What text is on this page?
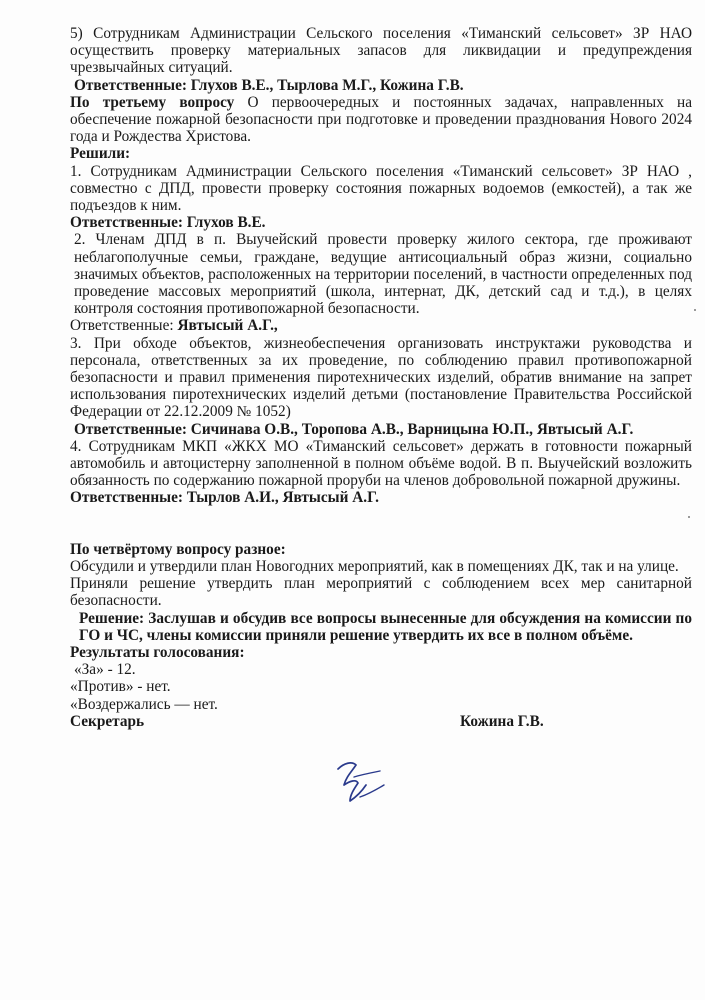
5) Сотрудникам Администрации Сельского поселения «Тиманский сельсовет» ЗР НАО осуществить проверку материальных запасов для ликвидации и предупреждения чрезвычайных ситуаций.

Ответственные: Глухов В.Е., Тырлова М.Г., Кожина Г.В.

По третьему вопросу О первоочередных и постоянных задачах, направленных на обеспечение пожарной безопасности при подготовке и проведении празднования Нового 2024 года и Рождества Христова.

Решили:

1. Сотрудникам Администрации Сельского поселения «Тиманский сельсовет» ЗР НАО , совместно с ДПД, провести проверку состояния пожарных водоемов (емкостей), а так же подъездов к ним.

Ответственные: Глухов В.Е.

2. Членам ДПД в п. Выучейский провести проверку жилого сектора, где проживают неблагополучные семьи, граждане, ведущие антисоциальный образ жизни, социально значимых объектов, расположенных на территории поселений, в частности определенных под проведение массовых мероприятий (школа, интернат, ДК, детский сад и т.д.), в целях контроля состояния противопожарной безопасности.

Ответственные: Явтысый А.Г.,

3. При обходе объектов, жизнеобеспечения организовать инструктажи руководства и персонала, ответственных за их проведение, по соблюдению правил противопожарной безопасности и правил применения пиротехнических изделий, обратив внимание на запрет использования пиротехнических изделий детьми (постановление Правительства Российской Федерации от 22.12.2009 № 1052)

Ответственные: Сичинава О.В., Торопова А.В., Варницына Ю.П., Явтысый А.Г.

4. Сотрудникам МКП «ЖКХ МО «Тиманский сельсовет» держать в готовности пожарный автомобиль и автоцистерну заполненной в полном объёме водой. В п. Выучейский возложить обязанность по содержанию пожарной проруби на членов добровольной пожарной дружины.

Ответственные: Тырлов А.И., Явтысый А.Г.

По четвёртому вопросу разное:

Обсудили и утвердили план Новогодних мероприятий, как в помещениях ДК, так и на улице.

Приняли решение утвердить план мероприятий с соблюдением всех мер санитарной безопасности.

Решение: Заслушав и обсудив все вопросы вынесенные для обсуждения на комиссии по ГО и ЧС, члены комиссии приняли решение утвердить их все в полном объёме.

Результаты голосования:

«За» - 12.

«Против» - нет.

«Воздержались — нет.

Секретарь	Кожина Г.В.
